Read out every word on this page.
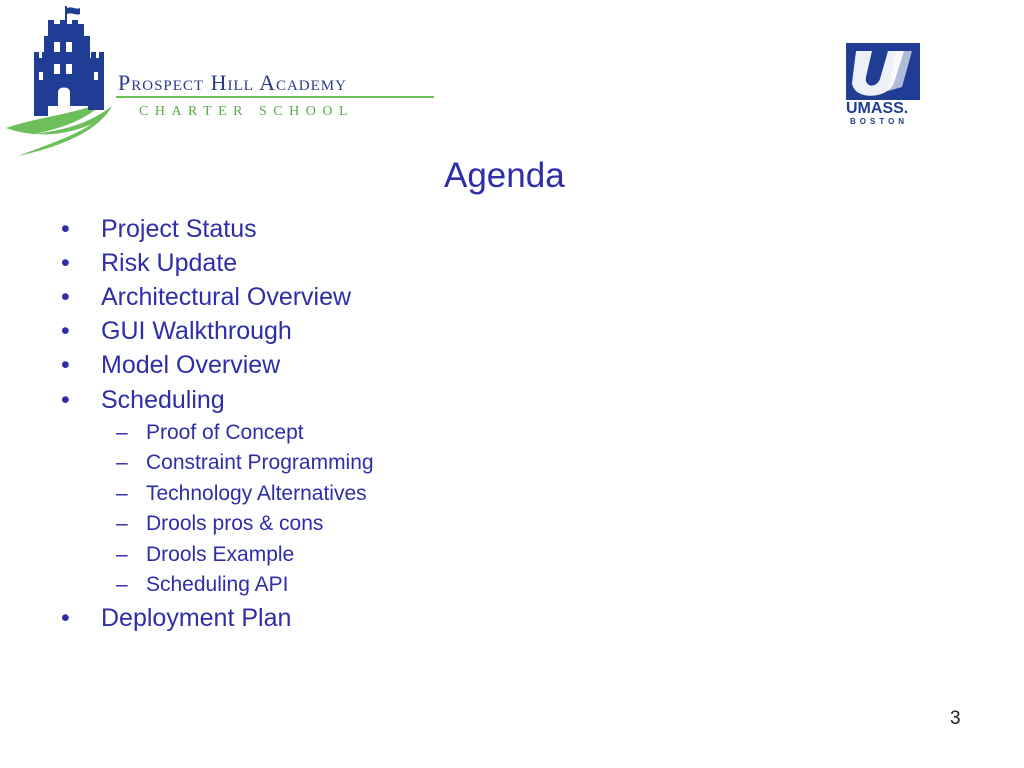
Prospect Hill Academy
CHARTER SCHOOL	UMASS.
BOSTON
Agenda
• Project Status
• Risk Update
• Architectural Overview
• GUI Walkthrough
• Model Overview
• Scheduling
– Proof of Concept
– Constraint Programming
– Technology Alternatives
– Drools pros & cons
– Drools Example
– Scheduling API
• Deployment Plan
3
